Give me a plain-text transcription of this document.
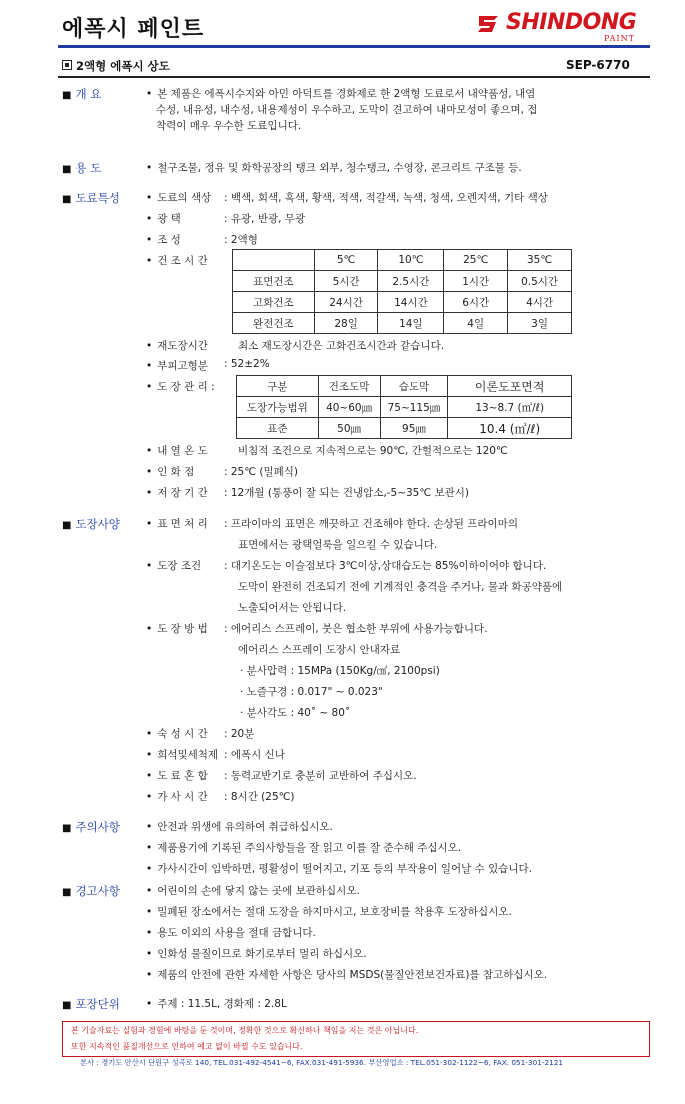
에폭시 페인트	SHINDONG
PAINT
2액형 에폭시 상도	SEP-6770
■ 개 요	• 본 제품은 에폭시수지와 아민 아덕트를 경화제로 한 2액형 도료로서 내약품성, 내염
수성, 내유성, 내수성, 내용제성이 우수하고, 도막이 견고하여 내마모성이 좋으며, 접
착력이 매우 우수한 도료입니다.
■ 용 도	• 철구조물, 정유 및 화학공장의 탱크 외부, 청수탱크, 수영장, 콘크리트 구조물 등.
■ 도료특성	• 도료의 색상 : 백색, 회색, 흑색, 황색, 적색, 적갈색, 녹색, 청색, 오렌지색, 기타 색상
• 광 택	: 유광, 반광, 무광
• 조 성	: 2액형
• 건 조 시 간
		5℃	10℃	25℃	35℃
표면건조	5시간	2.5시간	1시간	0.5시간
고화건조	24시간	14시간	6시간	4시간
완전건조	28일	14일	4일	3일
• 재도장시간	최소 재도장시간은 고화건조시간과 같습니다.
• 부피고형분 : 52±2%
• 도 장 관 리 :	구분	건조도막	습도막	이론도포면적
도장가능범위	40~60㎛	75~115㎛	13~8.7 (㎡/ℓ)
표준	50㎛	95㎛	10.4 (㎡/ℓ)
• 내 열 온 도	비침적 조건으로 지속적으로는 90℃, 간헐적으로는 120℃
• 인 화 점	: 25℃ (밀폐식)
• 저 장 기 간 : 12개월 (통풍이 잘 되는 건냉암소,-5~35℃ 보관시)
■ 도장사양	• 표 면 처 리 : 프라이마의 표면은 깨끗하고 건조해야 한다. 손상된 프라이마의
표면에서는 광택얼룩을 일으킬 수 있습니다.
• 도장 조건 : 대기온도는 이슬점보다 3℃이상,상대습도는 85%이하이어야 합니다.
도막이 완전히 건조되기 전에 기계적인 충격을 주거나, 물과 화공약품에
노출되어서는 안됩니다.
• 도 장 방 법 : 에어리스 스프레이, 붓은 협소한 부위에 사용가능합니다.
에어리스 스프레이 도장시 안내자료
· 분사압력 : 15MPa (150Kg/㎠, 2100psi)
· 노즐구경 : 0.017" ~ 0.023"
· 분사각도 : 40˚ ~ 80˚
• 숙 성 시 간 : 20분
• 희석및세척제 : 에폭시 신나
• 도 료 혼 합 : 동력교반기로 충분히 교반하여 주십시오.
• 가 사 시 간 : 8시간 (25℃)
■ 주의사항	• 안전과 위생에 유의하여 취급하십시오.
• 제품용기에 기록된 주의사항들을 잘 읽고 이를 잘 준수해 주십시오.
• 가사시간이 임박하면, 평활성이 떨어지고, 기포 등의 부작용이 일어날 수 있습니다.
■ 경고사항	• 어린이의 손에 닿지 않는 곳에 보관하십시오.
• 밀폐된 장소에서는 절대 도장을 하지마시고, 보호장비를 착용후 도장하십시오.
• 용도 이외의 사용을 절대 금합니다.
• 인화성 물질이므로 화기로부터 멀리 하십시오.
• 제품의 안전에 관한 자세한 사항은 당사의 MSDS(물질안전보건자료)를 참고하십시오.
■ 포장단위	• 주제 : 11.5L, 경화제 : 2.8L
본 기술자료는 실험과 경험에 바탕을 둔 것이며, 정확한 것으로 확신하나 책임을 지는 것은 아닙니다.
또한 지속적인 품질개선으로 인하여 예고 없이 바뀔 수도 있습니다.
본사 : 경기도 안산시 단원구 성곡로 140, TEL.031-492-4541~6, FAX.031-491-5936. 부산영업소 : TEL.051-302-1122~6, FAX. 051-301-2121
